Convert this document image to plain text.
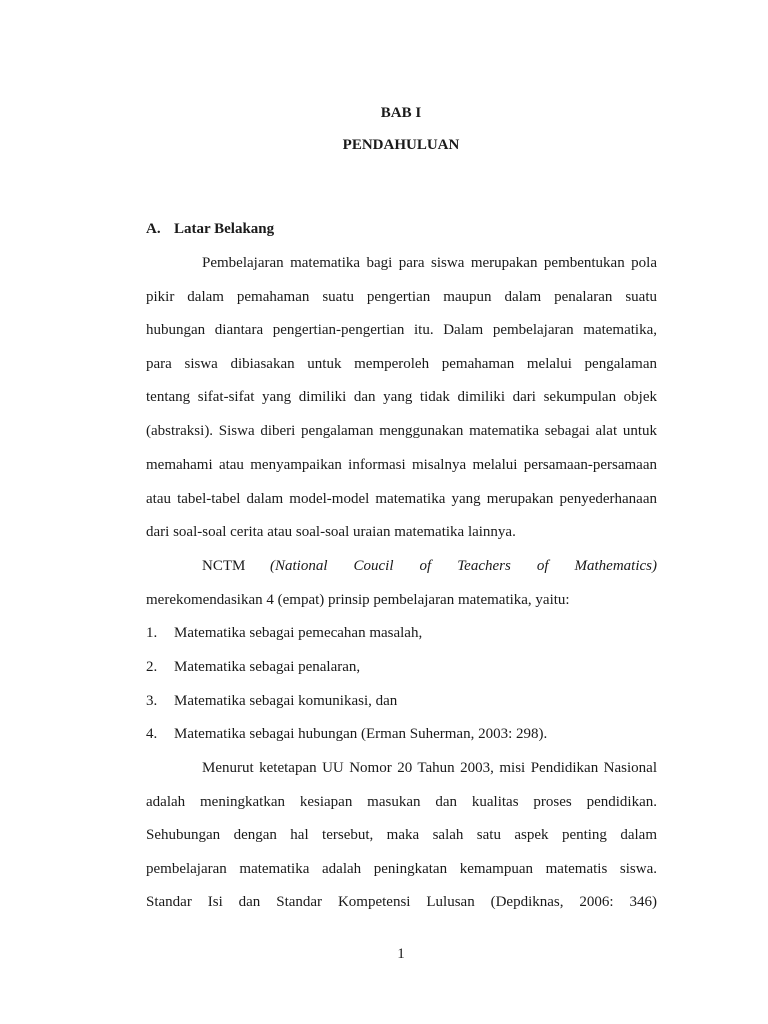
BAB I
PENDAHULUAN
A. Latar Belakang
Pembelajaran matematika bagi para siswa merupakan pembentukan pola
pikir dalam pemahaman suatu pengertian maupun dalam penalaran suatu
hubungan diantara pengertian-pengertian itu. Dalam pembelajaran matematika,
para siswa dibiasakan untuk memperoleh pemahaman melalui pengalaman
tentang sifat-sifat yang dimiliki dan yang tidak dimiliki dari sekumpulan objek
(abstraksi). Siswa diberi pengalaman menggunakan matematika sebagai alat untuk
memahami atau menyampaikan informasi misalnya melalui persamaan-persamaan
atau tabel-tabel dalam model-model matematika yang merupakan penyederhanaan
dari soal-soal cerita atau soal-soal uraian matematika lainnya.
NCTM (National Coucil of Teachers of Mathematics)
merekomendasikan 4 (empat) prinsip pembelajaran matematika, yaitu:
1. Matematika sebagai pemecahan masalah,
2. Matematika sebagai penalaran,
3. Matematika sebagai komunikasi, dan
4. Matematika sebagai hubungan (Erman Suherman, 2003: 298).
Menurut ketetapan UU Nomor 20 Tahun 2003, misi Pendidikan Nasional
adalah meningkatkan kesiapan masukan dan kualitas proses pendidikan.
Sehubungan dengan hal tersebut, maka salah satu aspek penting dalam
pembelajaran matematika adalah peningkatan kemampuan matematis siswa.
Standar Isi dan Standar Kompetensi Lulusan (Depdiknas, 2006: 346)
1
